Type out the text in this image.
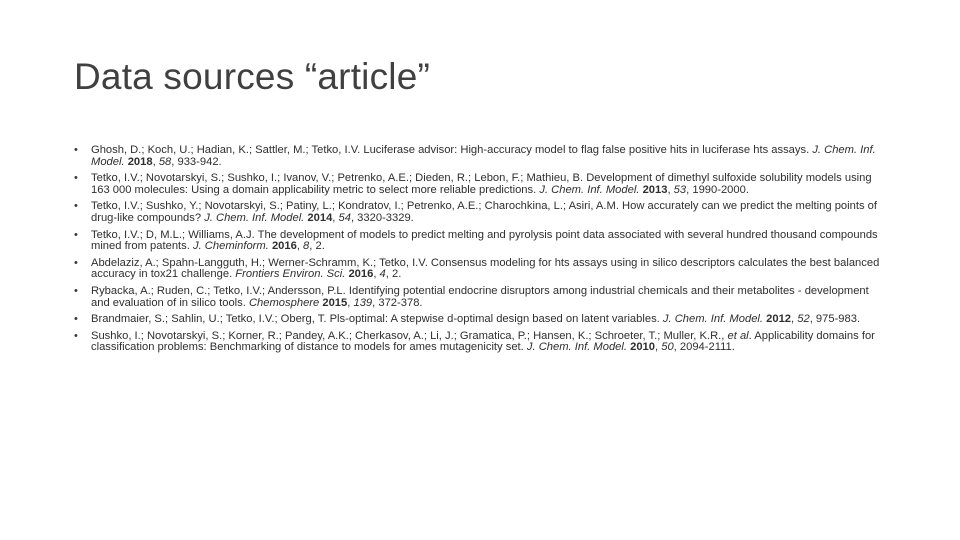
Data sources “article”
• Ghosh, D.; Koch, U.; Hadian, K.; Sattler, M.; Tetko, I.V. Luciferase advisor: High-accuracy model to flag false positive hits in luciferase hts assays. J. Chem. Inf. Model. 2018, 58, 933-942.
• Tetko, I.V.; Novotarskyi, S.; Sushko, I.; Ivanov, V.; Petrenko, A.E.; Dieden, R.; Lebon, F.; Mathieu, B. Development of dimethyl sulfoxide solubility models using 163 000 molecules: Using a domain applicability metric to select more reliable predictions. J. Chem. Inf. Model. 2013, 53, 1990-2000.
• Tetko, I.V.; Sushko, Y.; Novotarskyi, S.; Patiny, L.; Kondratov, I.; Petrenko, A.E.; Charochkina, L.; Asiri, A.M. How accurately can we predict the melting points of drug-like compounds? J. Chem. Inf. Model. 2014, 54, 3320-3329.
• Tetko, I.V.; D, M.L.; Williams, A.J. The development of models to predict melting and pyrolysis point data associated with several hundred thousand compounds mined from patents. J. Cheminform. 2016, 8, 2.
• Abdelaziz, A.; Spahn-Langguth, H.; Werner-Schramm, K.; Tetko, I.V. Consensus modeling for hts assays using in silico descriptors calculates the best balanced accuracy in tox21 challenge. Frontiers Environ. Sci. 2016, 4, 2.
• Rybacka, A.; Ruden, C.; Tetko, I.V.; Andersson, P.L. Identifying potential endocrine disruptors among industrial chemicals and their metabolites - development and evaluation of in silico tools. Chemosphere 2015, 139, 372-378.
• Brandmaier, S.; Sahlin, U.; Tetko, I.V.; Oberg, T. Pls-optimal: A stepwise d-optimal design based on latent variables. J. Chem. Inf. Model. 2012, 52, 975-983.
• Sushko, I.; Novotarskyi, S.; Korner, R.; Pandey, A.K.; Cherkasov, A.; Li, J.; Gramatica, P.; Hansen, K.; Schroeter, T.; Muller, K.R., et al. Applicability domains for classification problems: Benchmarking of distance to models for ames mutagenicity set. J. Chem. Inf. Model. 2010, 50, 2094-2111.
